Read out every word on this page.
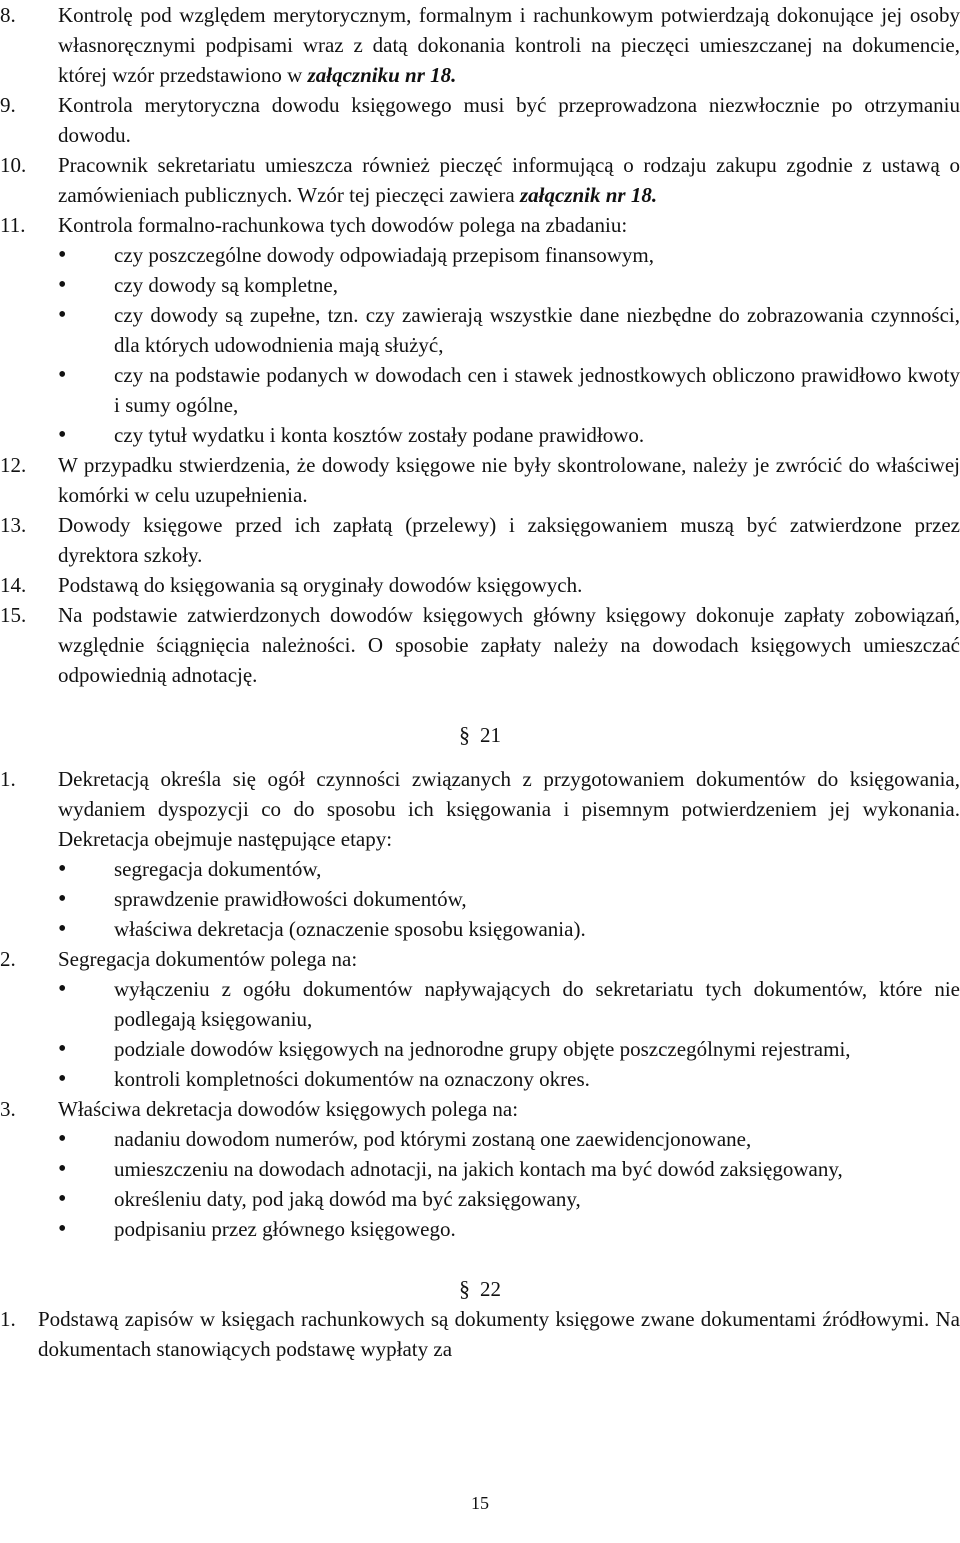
8. Kontrolę pod względem merytorycznym, formalnym i rachunkowym potwierdzają dokonujące jej osoby własnoręcznymi podpisami wraz z datą dokonania kontroli na pieczęci umieszczanej na dokumencie, której wzór przedstawiono w załączniku nr 18.
9. Kontrola merytoryczna dowodu księgowego musi być przeprowadzona niezwłocznie po otrzymaniu dowodu.
10. Pracownik sekretariatu umieszcza również pieczęć informującą o rodzaju zakupu zgodnie z ustawą o zamówieniach publicznych. Wzór tej pieczęci zawiera załącznik nr 18.
11. Kontrola formalno-rachunkowa tych dowodów polega na zbadaniu:
• czy poszczególne dowody odpowiadają przepisom finansowym,
• czy dowody są kompletne,
• czy dowody są zupełne, tzn. czy zawierają wszystkie dane niezbędne do zobrazowania czynności, dla których udowodnienia mają służyć,
• czy na podstawie podanych w dowodach cen i stawek jednostkowych obliczono prawidłowo kwoty i sumy ogólne,
• czy tytuł wydatku i konta kosztów zostały podane prawidłowo.
12. W przypadku stwierdzenia, że dowody księgowe nie były skontrolowane, należy je zwrócić do właściwej komórki w celu uzupełnienia.
13. Dowody księgowe przed ich zapłatą (przelewy) i zaksięgowaniem muszą być zatwierdzone przez dyrektora szkoły.
14. Podstawą do księgowania są oryginały dowodów księgowych.
15. Na podstawie zatwierdzonych dowodów księgowych główny księgowy dokonuje zapłaty zobowiązań, względnie ściągnięcia należności. O sposobie zapłaty należy na dowodach księgowych umieszczać odpowiednią adnotację.
§ 21
1. Dekretacją określa się ogół czynności związanych z przygotowaniem dokumentów do księgowania, wydaniem dyspozycji co do sposobu ich księgowania i pisemnym potwierdzeniem jej wykonania. Dekretacja obejmuje następujące etapy:
• segregacja dokumentów,
• sprawdzenie prawidłowości dokumentów,
• właściwa dekretacja (oznaczenie sposobu księgowania).
2. Segregacja dokumentów polega na:
• wyłączeniu z ogółu dokumentów napływających do sekretariatu tych dokumentów, które nie podlegają księgowaniu,
• podziale dowodów księgowych na jednorodne grupy objęte poszczególnymi rejestrami,
• kontroli kompletności dokumentów na oznaczony okres.
3. Właściwa dekretacja dowodów księgowych polega na:
• nadaniu dowodom numerów, pod którymi zostaną one zaewidencjonowane,
• umieszczeniu na dowodach adnotacji, na jakich kontach ma być dowód zaksięgowany,
• określeniu daty, pod jaką dowód ma być zaksięgowany,
• podpisaniu przez głównego księgowego.
§ 22
1. Podstawą zapisów w księgach rachunkowych są dokumenty księgowe zwane dokumentami źródłowymi. Na dokumentach stanowiących podstawę wypłaty za
15
